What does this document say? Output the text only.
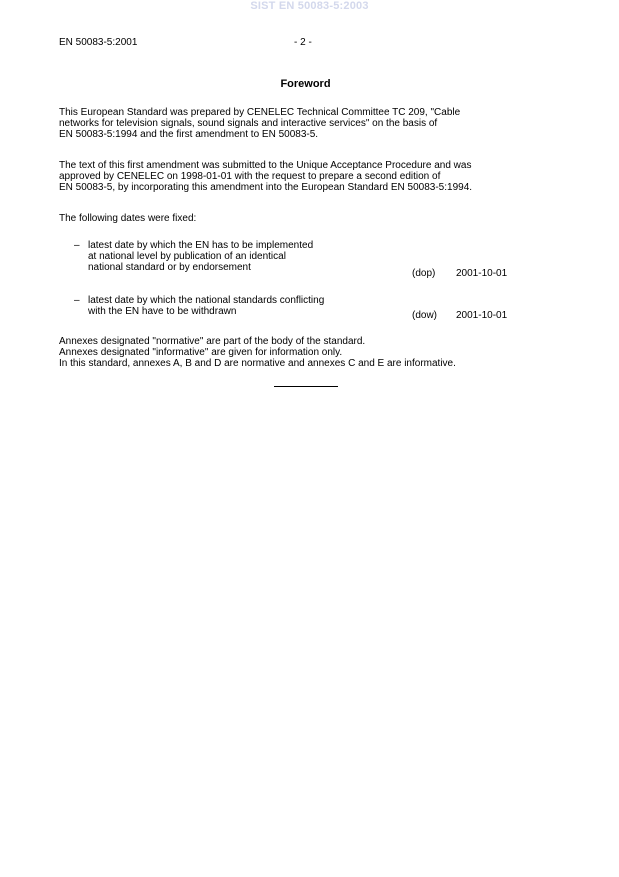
SIST EN 50083-5:2003
EN 50083-5:2001	- 2 -
Foreword
This European Standard was prepared by CENELEC Technical Committee TC 209, "Cable
networks for television signals, sound signals and interactive services" on the basis of
EN 50083-5:1994 and the first amendment to EN 50083-5.
The text of this first amendment was submitted to the Unique Acceptance Procedure and was
approved by CENELEC on 1998-01-01 with the request to prepare a second edition of
EN 50083-5, by incorporating this amendment into the European Standard EN 50083-5:1994.
The following dates were fixed:
– latest date by which the EN has to be implemented
at national level by publication of an identical
national standard or by endorsement
(dop) 2001-10-01
– latest date by which the national standards conflicting
with the EN have to be withdrawn	(dow) 2001-10-01
Annexes designated "normative" are part of the body of the standard.
Annexes designated "informative" are given for information only.
In this standard, annexes A, B and D are normative and annexes C and E are informative.
